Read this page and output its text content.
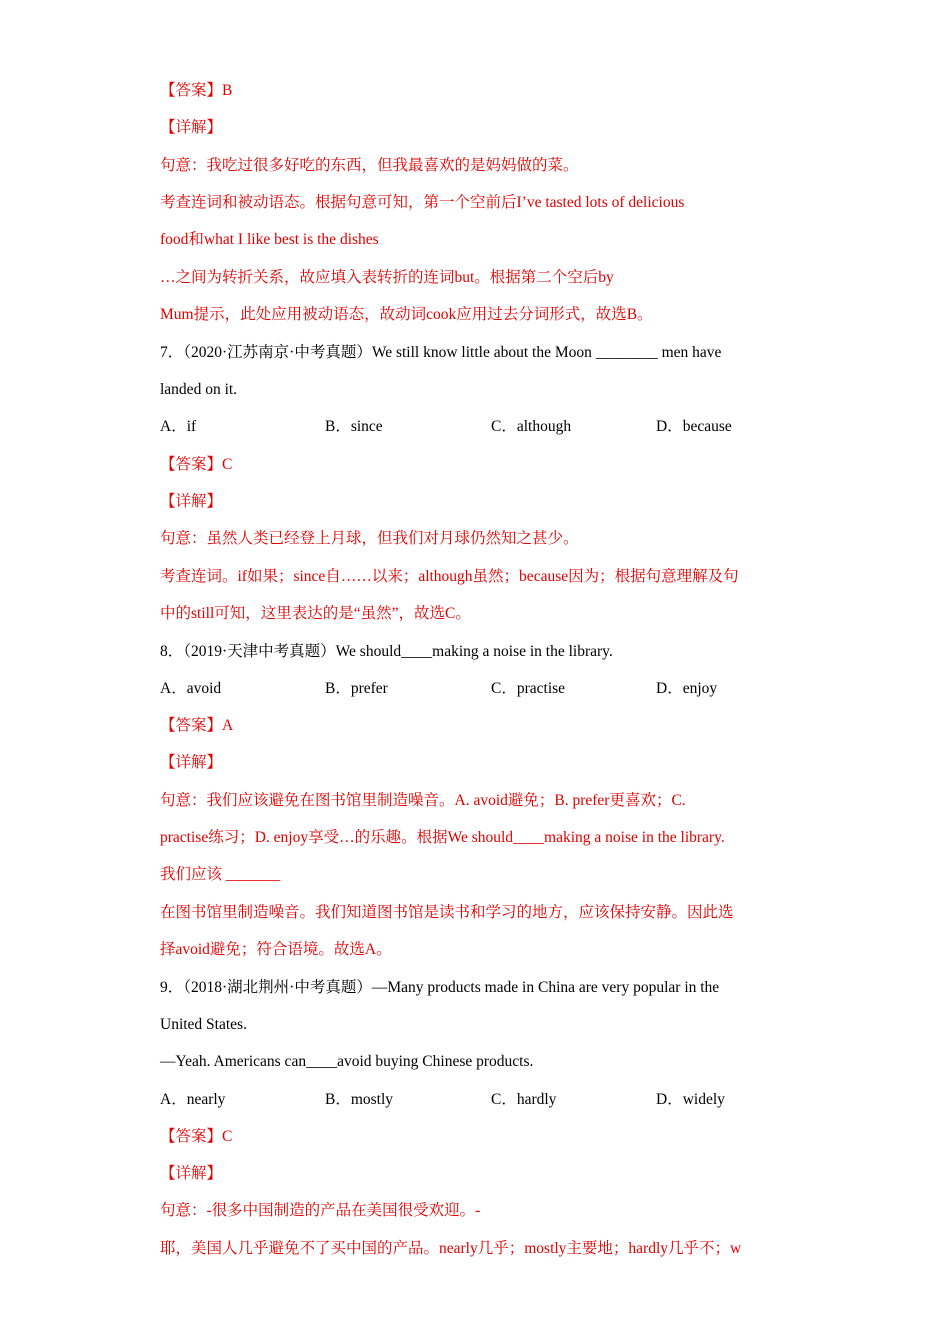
【答案】B
【详解】
句意：我吃过很多好吃的东西，但我最喜欢的是妈妈做的菜。
考查连词和被动语态。根据句意可知，第一个空前后I’ve tasted lots of delicious
food和what I like best is the dishes
…之间为转折关系，故应填入表转折的连词but。根据第二个空后by
Mum提示，此处应用被动语态，故动词cook应用过去分词形式，故选B。
7．（2020·江苏南京·中考真题）We still know little about the Moon ________ men have
landed on it.
A．if	B．since	C．although	D．because
【答案】C
【详解】
句意：虽然人类已经登上月球，但我们对月球仍然知之甚少。
考查连词。if如果；since自……以来；although虽然；because因为；根据句意理解及句
中的still可知，这里表达的是“虽然”，故选C。
8．（2019·天津中考真题）We should____making a noise in the library.
A．avoid	B．prefer	C．practise	D．enjoy
【答案】A
【详解】
句意：我们应该避免在图书馆里制造噪音。A. avoid避免；B. prefer更喜欢；C.
practise练习；D. enjoy享受…的乐趣。根据We should____making a noise in the library.
我们应该 _______
在图书馆里制造噪音。我们知道图书馆是读书和学习的地方，应该保持安静。因此选
择avoid避免；符合语境。故选A。
9．（2018·湖北荆州·中考真题）—Many products made in China are very popular in the
United States.
—Yeah. Americans can____avoid buying Chinese products.
A．nearly	B．mostly	C．hardly	D．widely
【答案】C
【详解】
句意：-很多中国制造的产品在美国很受欢迎。-
耶，美国人几乎避免不了买中国的产品。nearly几乎；mostly主要地；hardly几乎不；w
